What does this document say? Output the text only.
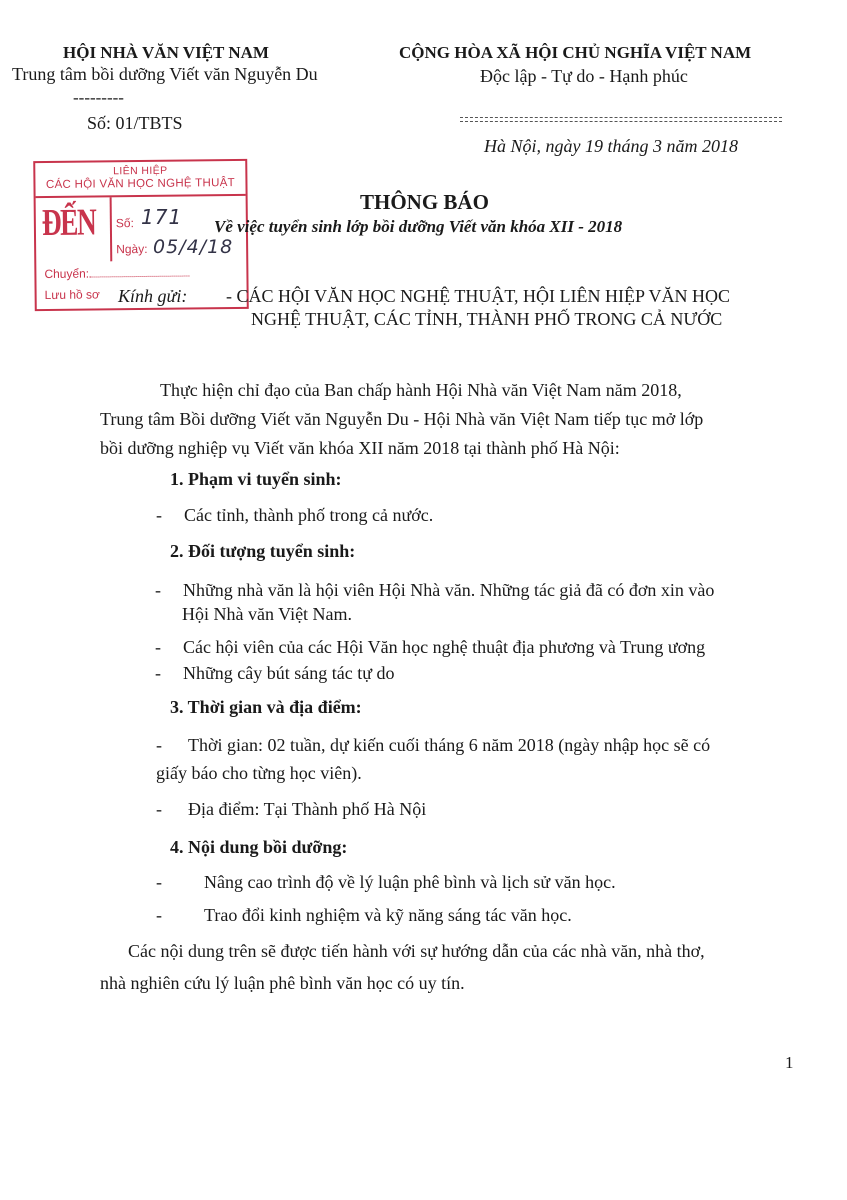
HỘI NHÀ VĂN VIỆT NAM
Trung tâm bồi dưỡng Viết văn Nguyễn Du
---------
Số: 01/TBTS
CỘNG HÒA XÃ HỘI CHỦ NGHĨA VIỆT NAM
Độc lập - Tự do - Hạnh phúc
Hà Nội, ngày 19 tháng 3 năm 2018
LIÊN HIỆP
CÁC HỘI VĂN HỌC NGHỆ THUẬT
ĐẾN Số:
Ngày:
Chuyển:
Lưu hồ sơ
171
05/4/18
THÔNG BÁO
Về việc tuyển sinh lớp bồi dưỡng Viết văn khóa XII - 2018
Kính gửi: - CÁC HỘI VĂN HỌC NGHỆ THUẬT, HỘI LIÊN HIỆP VĂN HỌC
NGHỆ THUẬT, CÁC TỈNH, THÀNH PHỐ TRONG CẢ NƯỚC
Thực hiện chỉ đạo của Ban chấp hành Hội Nhà văn Việt Nam năm 2018,
Trung tâm Bồi dưỡng Viết văn Nguyễn Du - Hội Nhà văn Việt Nam tiếp tục mở lớp
bồi dưỡng nghiệp vụ Viết văn khóa XII năm 2018 tại thành phố Hà Nội:
1. Phạm vi tuyển sinh:
- Các tỉnh, thành phố trong cả nước.
2. Đối tượng tuyển sinh:
- Những nhà văn là hội viên Hội Nhà văn. Những tác giả đã có đơn xin vào
Hội Nhà văn Việt Nam.
- Các hội viên của các Hội Văn học nghệ thuật địa phương và Trung ương
- Những cây bút sáng tác tự do
3. Thời gian và địa điểm:
- Thời gian: 02 tuần, dự kiến cuối tháng 6 năm 2018 (ngày nhập học sẽ có
giấy báo cho từng học viên).
- Địa điểm: Tại Thành phố Hà Nội
4. Nội dung bồi dưỡng:
- Nâng cao trình độ về lý luận phê bình và lịch sử văn học.
- Trao đổi kinh nghiệm và kỹ năng sáng tác văn học.
Các nội dung trên sẽ được tiến hành với sự hướng dẫn của các nhà văn, nhà thơ,
nhà nghiên cứu lý luận phê bình văn học có uy tín.
1
